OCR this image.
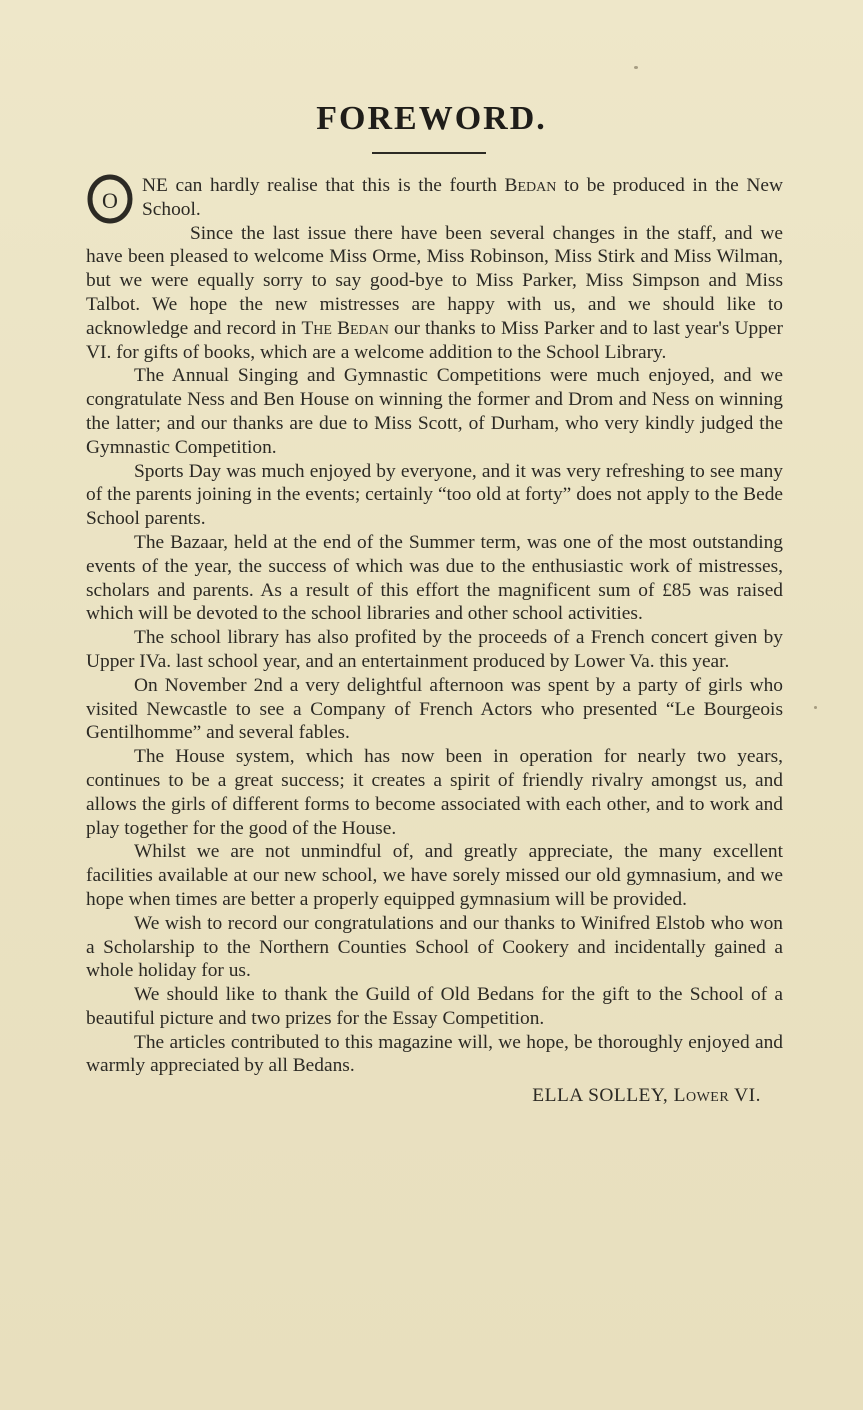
FOREWORD.

O
NE can hardly realise that this is the fourth Bedan to be produced in the New School.

Since the last issue there have been several changes in the staff, and we have been pleased to welcome Miss Orme, Miss Robinson, Miss Stirk and Miss Wilman, but we were equally sorry to say good-bye to Miss Parker, Miss Simpson and Miss Talbot. We hope the new mistresses are happy with us, and we should like to acknowledge and record in The Bedan our thanks to Miss Parker and to last year's Upper VI. for gifts of books, which are a welcome addition to the School Library.

The Annual Singing and Gymnastic Competitions were much enjoyed, and we congratulate Ness and Ben House on winning the former and Drom and Ness on winning the latter; and our thanks are due to Miss Scott, of Durham, who very kindly judged the Gymnastic Competition.

Sports Day was much enjoyed by everyone, and it was very refreshing to see many of the parents joining in the events; certainly “too old at forty” does not apply to the Bede School parents.

The Bazaar, held at the end of the Summer term, was one of the most outstanding events of the year, the success of which was due to the enthusiastic work of mistresses, scholars and parents. As a result of this effort the magnificent sum of £85 was raised which will be devoted to the school libraries and other school activities.

The school library has also profited by the proceeds of a French concert given by Upper IVa. last school year, and an entertainment produced by Lower Va. this year.

On November 2nd a very delightful afternoon was spent by a party of girls who visited Newcastle to see a Company of French Actors who presented “Le Bourgeois Gentilhomme” and several fables.

The House system, which has now been in operation for nearly two years, continues to be a great success; it creates a spirit of friendly rivalry amongst us, and allows the girls of different forms to become associated with each other, and to work and play together for the good of the House.

Whilst we are not unmindful of, and greatly appreciate, the many excellent facilities available at our new school, we have sorely missed our old gymnasium, and we hope when times are better a properly equipped gymnasium will be provided.

We wish to record our congratulations and our thanks to Winifred Elstob who won a Scholarship to the Northern Counties School of Cookery and incidentally gained a whole holiday for us.

We should like to thank the Guild of Old Bedans for the gift to the School of a beautiful picture and two prizes for the Essay Competition.

The articles contributed to this magazine will, we hope, be thoroughly enjoyed and warmly appreciated by all Bedans.

ELLA SOLLEY, Lower VI.
